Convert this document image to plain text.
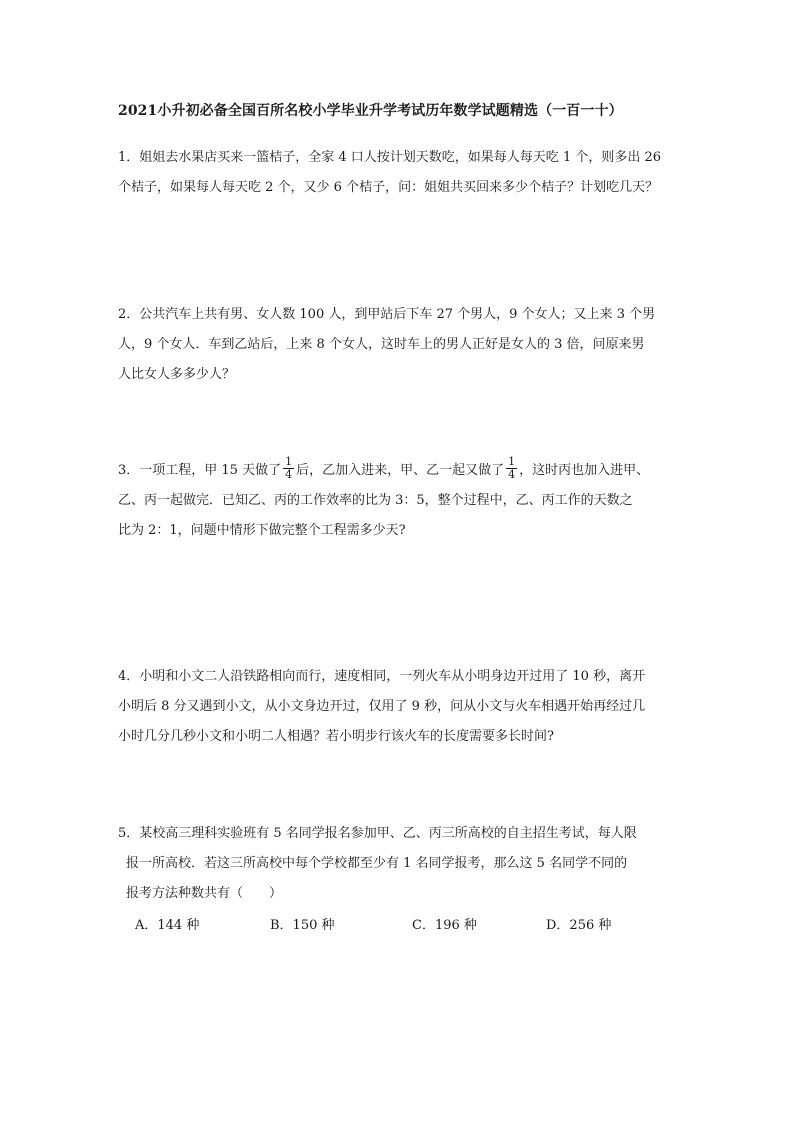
2021小升初必备全国百所名校小学毕业升学考试历年数学试题精选（一百一十）
1．姐姐去水果店买来一篮桔子，全家 4 口人按计划天数吃，如果每人每天吃 1 个，则多出 26
个桔子，如果每人每天吃 2 个，又少 6 个桔子，问：姐姐共买回来多少个桔子？计划吃几天？
2．公共汽车上共有男、女人数 100 人，到甲站后下车 27 个男人，9 个女人；又上来 3 个男
人，9 个女人．车到乙站后，上来 8 个女人，这时车上的男人正好是女人的 3 倍，问原来男
人比女人多多少人？
3．一项工程，甲 15 天做了 $\frac{1}{4}$ 后，乙加入进来，甲、乙一起又做了 $\frac{1}{4}$ ，这时丙也加入进甲、
乙、丙一起做完．已知乙、丙的工作效率的比为 3：5，整个过程中，乙、丙工作的天数之
比为 2：1，问题中情形下做完整个工程需多少天?
4．小明和小文二人沿铁路相向而行，速度相同，一列火车从小明身边开过用了 10 秒，离开
小明后 8 分又遇到小文，从小文身边开过，仅用了 9 秒，问从小文与火车相遇开始再经过几
小时几分几秒小文和小明二人相遇？若小明步行该火车的长度需要多长时间?
5．某校高三理科实验班有 5 名同学报名参加甲、乙、丙三所高校的自主招生考试，每人限
报一所高校．若这三所高校中每个学校都至少有 1 名同学报考，那么这 5 名同学不同的
报考方法种数共有（　　）
A．144 种	B．150 种	C．196 种	D．256 种
